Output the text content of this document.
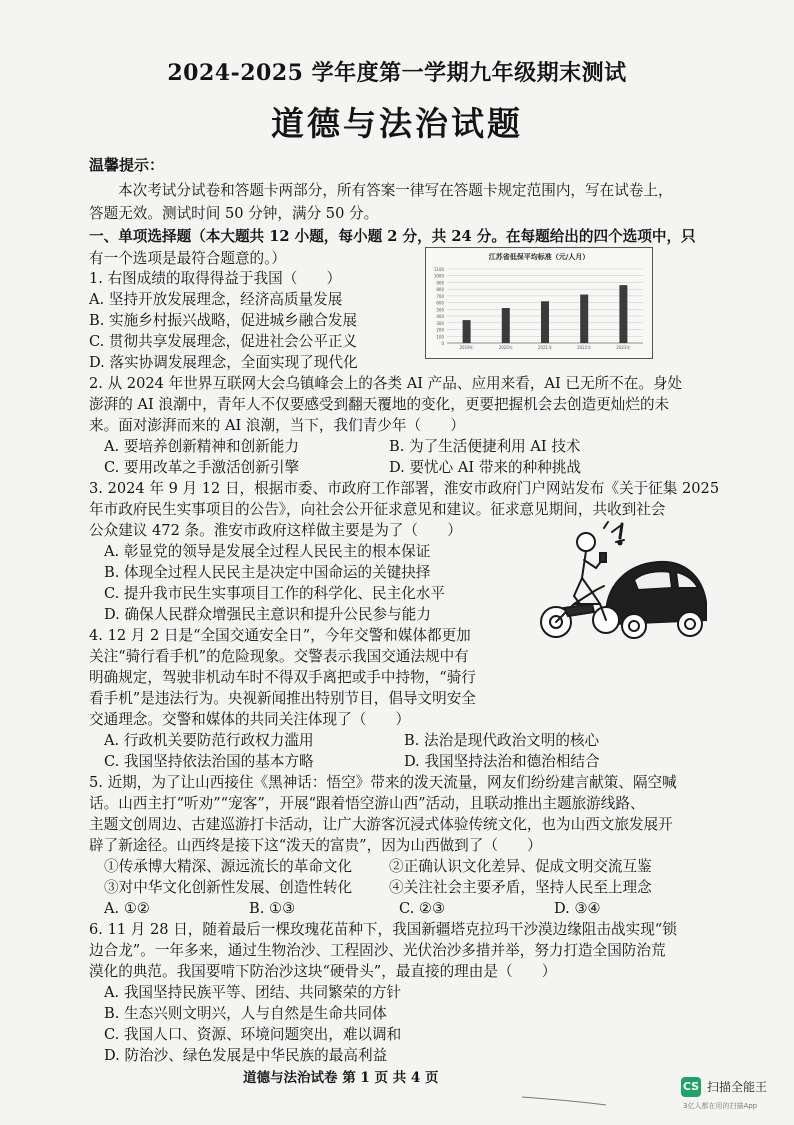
2024-2025 学年度第一学期九年级期末测试
道德与法治试题
温馨提示：
本次考试分试卷和答题卡两部分，所有答案一律写在答题卡规定范围内，写在试卷上，
答题无效。测试时间 50 分钟，满分 50 分。
一、单项选择题（本大题共 12 小题，每小题 2 分，共 24 分。在每题给出的四个选项中，只
有一个选项是最符合题意的。）
1. 右图成绩的取得得益于我国（　　）
A. 坚持开放发展理念，经济高质量发展
B. 实施乡村振兴战略，促进城乡融合发展
C. 贯彻共享发展理念，促进社会公平正义
D. 落实协调发展理念，全面实现了现代化
江苏省低保平均标准（元/人月）
0
100
200
300
400
500
600
700
800
900
1000
1100
2019年	2020年	2021年	2022年	2023年
2. 从 2024 年世界互联网大会乌镇峰会上的各类 AI 产品、应用来看，AI 已无所不在。身处
澎湃的 AI 浪潮中，青年人不仅要感受到翻天覆地的变化，更要把握机会去创造更灿烂的未
来。面对澎湃而来的 AI 浪潮，当下，我们青少年（　　）
A. 要培养创新精神和创新能力	B. 为了生活便捷利用 AI 技术
C. 要用改革之手激活创新引擎	D. 要忧心 AI 带来的种种挑战
3. 2024 年 9 月 12 日，根据市委、市政府工作部署，淮安市政府门户网站发布《关于征集 2025
年市政府民生实事项目的公告》，向社会公开征求意见和建议。征求意见期间，共收到社会
公众建议 472 条。淮安市政府这样做主要是为了（　　）
A. 彰显党的领导是发展全过程人民民主的根本保证
B. 体现全过程人民民主是决定中国命运的关键抉择
C. 提升我市民生实事项目工作的科学化、民主化水平
D. 确保人民群众增强民主意识和提升公民参与能力
4. 12 月 2 日是“全国交通安全日”，今年交警和媒体都更加
关注“骑行看手机”的危险现象。交警表示我国交通法规中有
明确规定，驾驶非机动车时不得双手离把或手中持物，“骑行
看手机”是违法行为。央视新闻推出特别节目，倡导文明安全
交通理念。交警和媒体的共同关注体现了（　　）
A. 行政机关要防范行政权力滥用	B. 法治是现代政治文明的核心
C. 我国坚持依法治国的基本方略	D. 我国坚持法治和德治相结合
5. 近期，为了让山西接住《黑神话：悟空》带来的泼天流量，网友们纷纷建言献策、隔空喊
话。山西主打“听劝”“宠客”，开展“跟着悟空游山西”活动，且联动推出主题旅游线路、
主题文创周边、古建巡游打卡活动，让广大游客沉浸式体验传统文化，也为山西文旅发展开
辟了新途径。山西终是接下这“泼天的富贵”，因为山西做到了（　　）
①传承博大精深、源远流长的革命文化	②正确认识文化差异、促成文明交流互鉴
③对中华文化创新性发展、创造性转化	④关注社会主要矛盾，坚持人民至上理念
A. ①②	B. ①③	C. ②③	D. ③④
6. 11 月 28 日，随着最后一棵玫瑰花苗种下，我国新疆塔克拉玛干沙漠边缘阻击战实现“锁
边合龙”。一年多来，通过生物治沙、工程固沙、光伏治沙多措并举，努力打造全国防治荒
漠化的典范。我国要啃下防治沙这块“硬骨头”，最直接的理由是（　　）
A. 我国坚持民族平等、团结、共同繁荣的方针
B. 生态兴则文明兴，人与自然是生命共同体
C. 我国人口、资源、环境问题突出，难以调和
D. 防治沙、绿色发展是中华民族的最高利益
道德与法治试卷 第 1 页 共 4 页
CS 扫描全能王
3亿人都在用的扫描App
